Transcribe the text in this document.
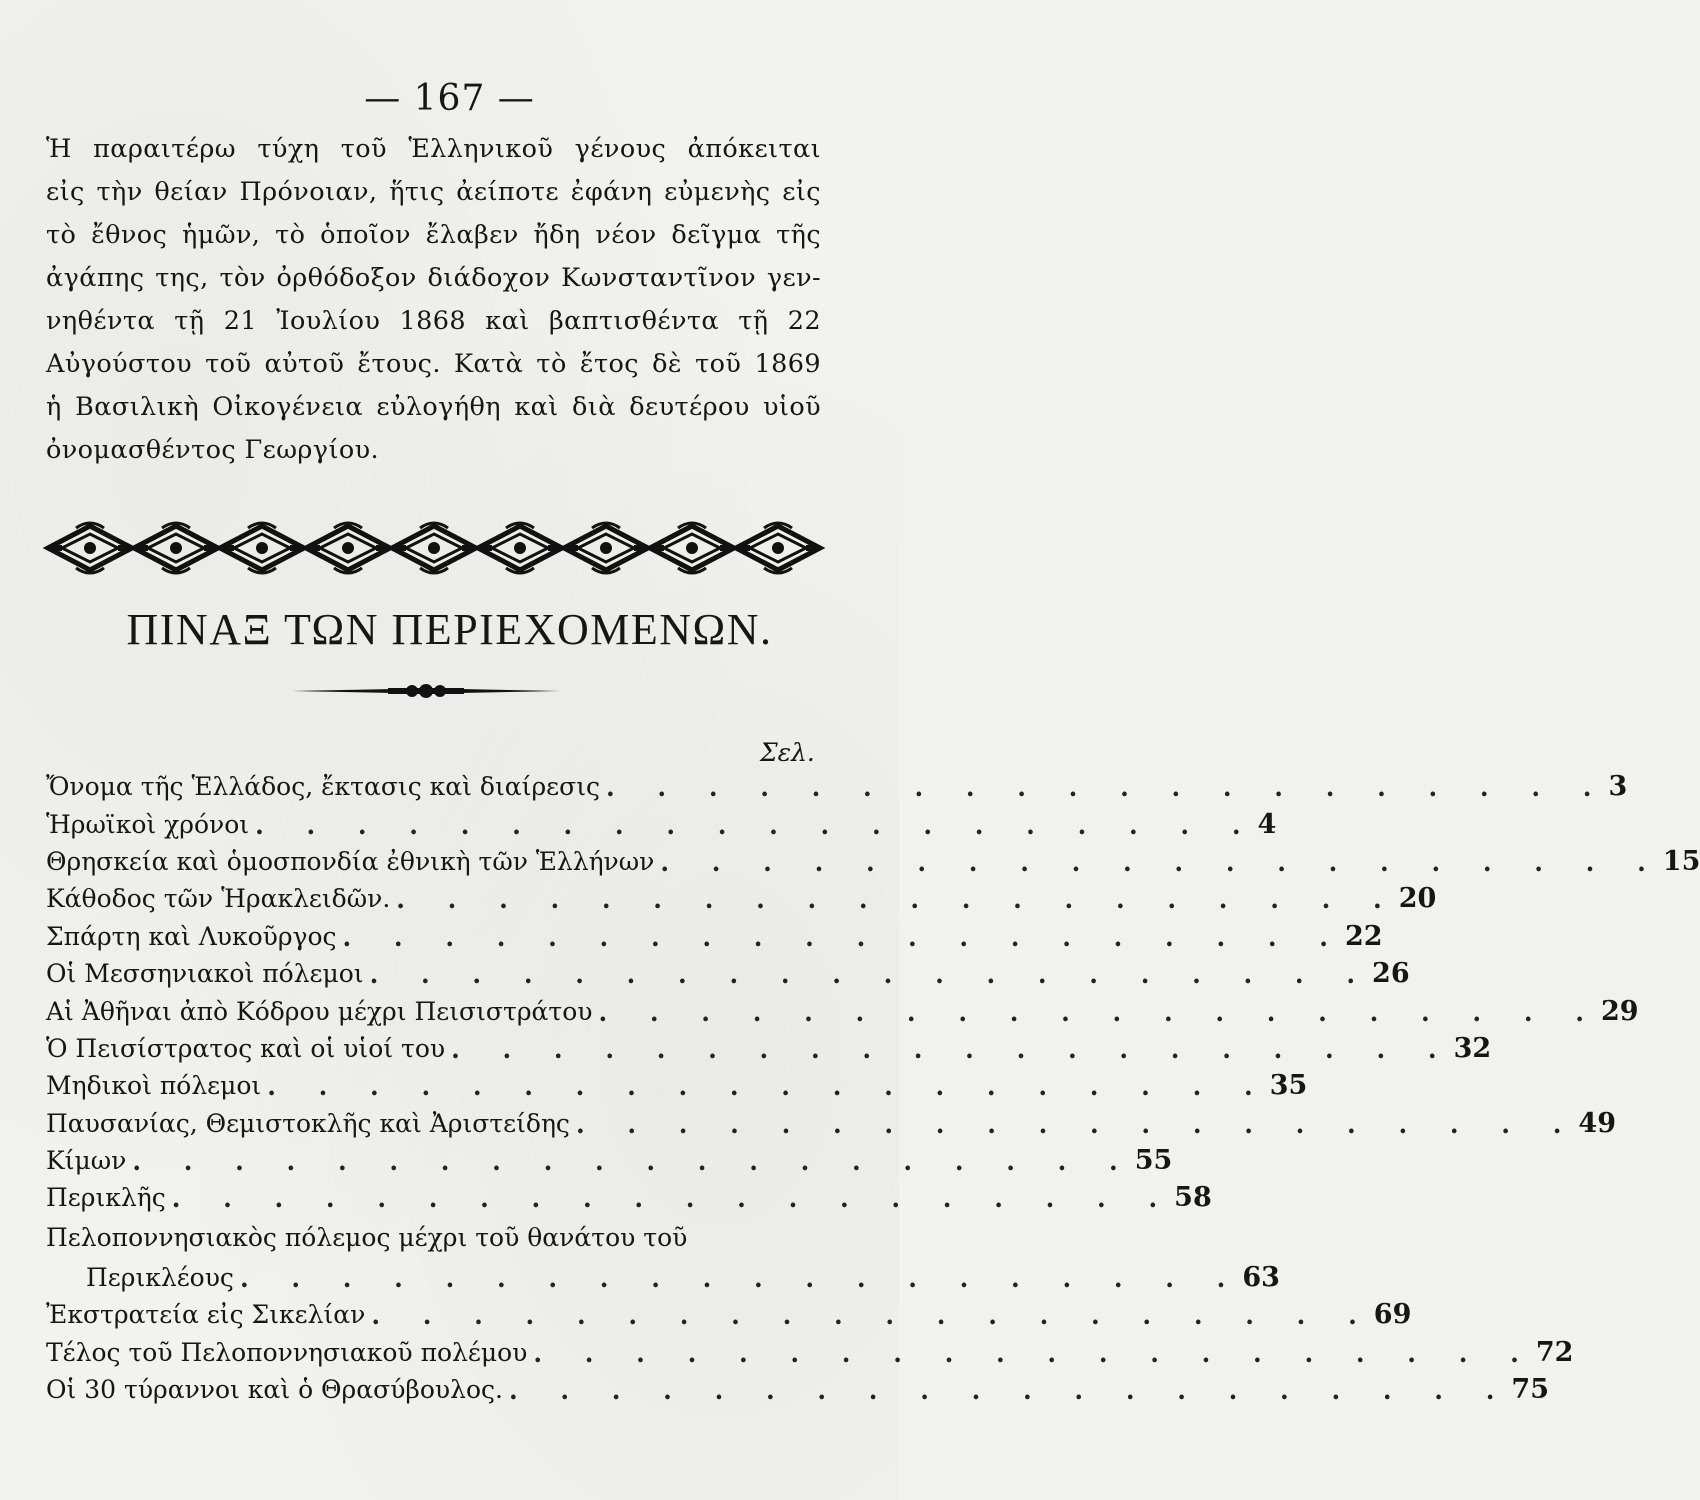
— 167 —
Ἡ παραιτέρω τύχη τοῦ Ἑλληνικοῦ γένους ἀπόκειται
εἰς τὴν θείαν Πρόνοιαν, ἥτις ἀείποτε ἐφάνη εὐμενὴς εἰς
τὸ ἔθνος ἡμῶν, τὸ ὁποῖον ἔλαβεν ἤδη νέον δεῖγμα τῆς
ἀγάπης της, τὸν ὀρθόδοξον διάδοχον Κωνσταντῖνον γεν-
νηθέντα τῇ 21 Ἰουλίου 1868 καὶ βαπτισθέντα τῇ 22
Αὐγούστου τοῦ αὐτοῦ ἔτους. Κατὰ τὸ ἔτος δὲ τοῦ 1869
ἡ Βασιλικὴ Οἰκογένεια εὐλογήθη καὶ διὰ δευτέρου υἱοῦ
ὀνομασθέντος Γεωργίου.
ΠΙΝΑΞ ΤΩΝ ΠΕΡΙΕΧΟΜΕΝΩΝ.
Σελ.
Ὄνομα τῆς Ἑλλάδος, ἔκτασις καὶ διαίρεσις . . . . . . . . . . . . . . . . . . . . 3
Ἡρωϊκοὶ χρόνοι . . . . . . . . . . . . . . . . . . . . 4
Θρησκεία καὶ ὁμοσπονδία ἐθνικὴ τῶν Ἑλλήνων . . . . . . . . . . . . . . . . . . . . 15
Κάθοδος τῶν Ἡρακλειδῶν. . . . . . . . . . . . . . . . . . . . . 20
Σπάρτη καὶ Λυκοῦργος . . . . . . . . . . . . . . . . . . . . 22
Οἱ Μεσσηνιακοὶ πόλεμοι . . . . . . . . . . . . . . . . . . . . 26
Αἱ Ἀθῆναι ἀπὸ Κόδρου μέχρι Πεισιστράτου . . . . . . . . . . . . . . . . . . . . 29
Ὁ Πεισίστρατος καὶ οἱ υἱοί του . . . . . . . . . . . . . . . . . . . . 32
Μηδικοὶ πόλεμοι . . . . . . . . . . . . . . . . . . . . 35
Παυσανίας, Θεμιστοκλῆς καὶ Ἀριστείδης . . . . . . . . . . . . . . . . . . . . 49
Κίμων . . . . . . . . . . . . . . . . . . . . 55
Περικλῆς . . . . . . . . . . . . . . . . . . . . 58
Πελοποννησιακὸς πόλεμος μέχρι τοῦ θανάτου τοῦ
Περικλέους . . . . . . . . . . . . . . . . . . . . 63
Ἐκστρατεία εἰς Σικελίαν . . . . . . . . . . . . . . . . . . . . 69
Τέλος τοῦ Πελοποννησιακοῦ πολέμου . . . . . . . . . . . . . . . . . . . . 72
Οἱ 30 τύραννοι καὶ ὁ Θρασύβουλος. . . . . . . . . . . . . . . . . . . . . 75
